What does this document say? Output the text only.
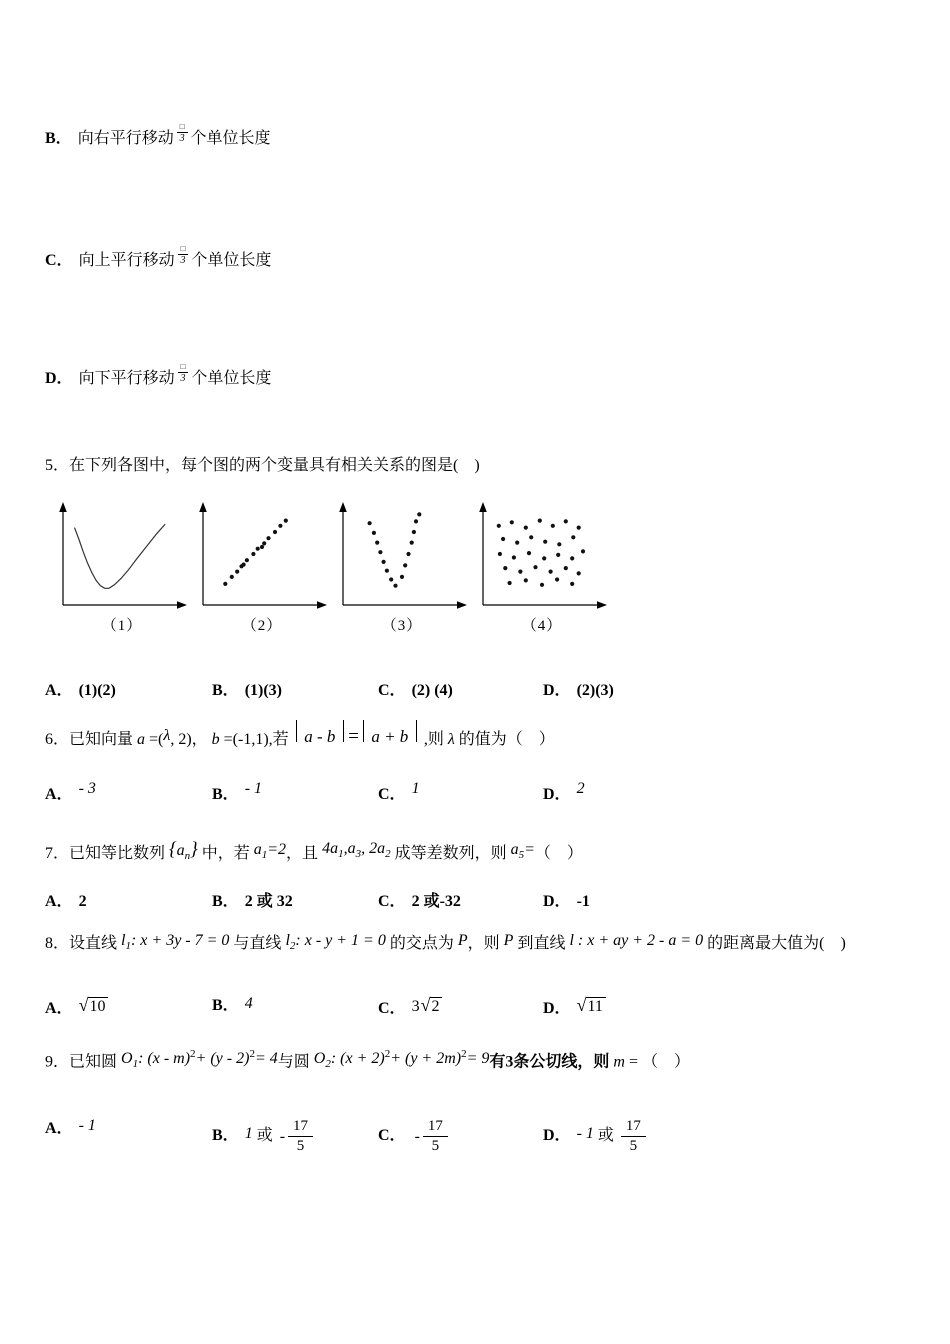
B． 向右平行移动 $\frac{□}{3}$ 个单位长度
C． 向上平行移动 $\frac{□}{3}$ 个单位长度
D． 向下平行移动 $\frac{□}{3}$ 个单位长度
5．在下列各图中，每个图的两个变量具有相关关系的图是(　)
（1）	（2）	（3）	（4）
A． (1)(2)	B． (1)(3)	C． (2) (4)	D． (2)(3)
6．已知向量 a =(λ, 2)， b =(-1,1),若  a - b = a + b  ,则 λ 的值为（　）
A． - 3	B． - 1	C． 1	D． 2
7．已知等比数列 $\{a_n\}$ 中，若 $a_1=2$，且 $4a_1,a_3$, $2a_2$ 成等差数列，则 $a_5=$（　）
A． 2	B． 2 或 32	C． 2 或-32	D． -1
8．设直线 $l_1$: x + 3y - 7 = 0 与直线 $l_2$: x - y + 1 = 0 的交点为 P，则 P 到直线 l : x + ay + 2 - a = 0 的距离最大值为(　)
A． √10	B． 4	C． 3√2	D． √11
9．已知圆 $O_1$: (x - m)$^2$+ (y - 2)$^2$= 4与圆 $O_2$: $(x + 2)^2+ (y + 2m)^2= 9$有3条公切线，则 m = （　）
A． - 1
B． 1 或 - $\frac{17}{5}$	C． - $\frac{17}{5}$	D． - 1 或 $\frac{17}{5}$
